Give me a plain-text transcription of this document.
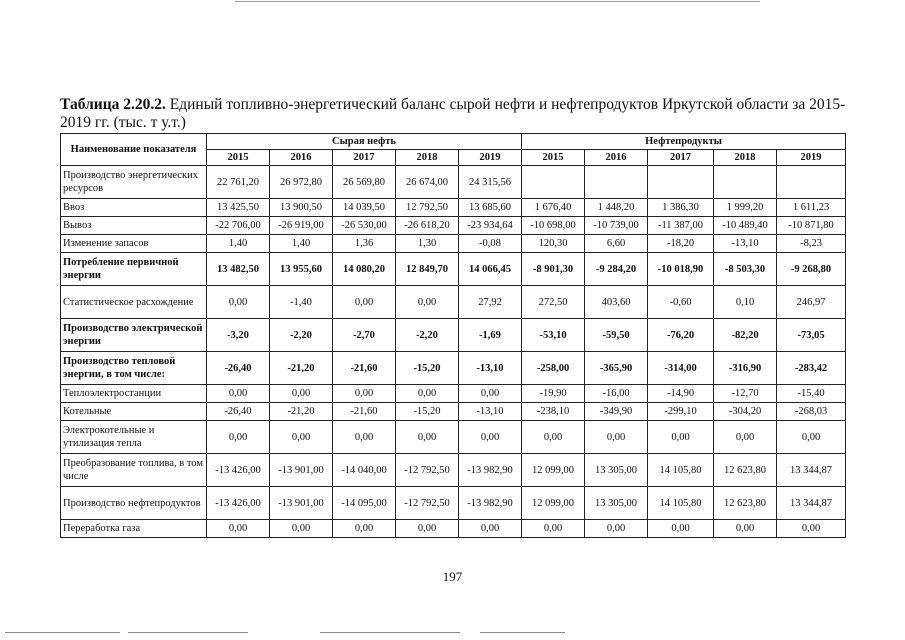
Таблица 2.20.2. Единый топливно-энергетический баланс сырой нефти и нефтепродуктов Иркутской области за 2015-2019 гг. (тыс. т у.т.)
Наименование показателя	Сырая нефть					Нефтепродукты				
	2015	2016	2017	2018	2019	2015	2016	2017	2018	2019
Производство энергетических ресурсов	22 761,20	26 972,80	26 569,80	26 674,00	24 315,56					
Ввоз	13 425,50	13 900,50	14 039,50	12 792,50	13 685,60	1 676,40	1 448,20	1 386,30	1 999,20	1 611,23
Вывоз	-22 706,00	-26 919,00	-26 530,00	-26 618,20	-23 934,64	-10 698,00	-10 739,00	-11 387,00	-10 489,40	-10 871,80
Изменение запасов	1,40	1,40	1,36	1,30	-0,08	120,30	6,60	-18,20	-13,10	-8,23
Потребление первичной энергии	13 482,50	13 955,60	14 080,20	12 849,70	14 066,45	-8 901,30	-9 284,20	-10 018,90	-8 503,30	-9 268,80
Статистическое расхождение	0,00	-1,40	0,00	0,00	27,92	272,50	403,60	-0,60	0,10	246,97
Производство электрической энергии	-3,20	-2,20	-2,70	-2,20	-1,69	-53,10	-59,50	-76,20	-82,20	-73,05
Производство тепловой энергии, в том числе:	-26,40	-21,20	-21,60	-15,20	-13,10	-258,00	-365,90	-314,00	-316,90	-283,42
Теплоэлектростанции	0,00	0,00	0,00	0,00	0,00	-19,90	-16,00	-14,90	-12,70	-15,40
Котельные	-26,40	-21,20	-21,60	-15,20	-13,10	-238,10	-349,90	-299,10	-304,20	-268,03
Электрокотельные и утилизация тепла	0,00	0,00	0,00	0,00	0,00	0,00	0,00	0,00	0,00	0,00
Преобразование топлива, в том числе	-13 426,00	-13 901,00	-14 040,00	-12 792,50	-13 982,90	12 099,00	13 305,00	14 105,80	12 623,80	13 344,87
Производство нефтепродуктов	-13 426,00	-13 901,00	-14 095,00	-12 792,50	-13 982,90	12 099,00	13 305,00	14 105,80	12 623,80	13 344,87
Переработка газа	0,00	0,00	0,00	0,00	0,00	0,00	0,00	0,00	0,00	0,00
197
